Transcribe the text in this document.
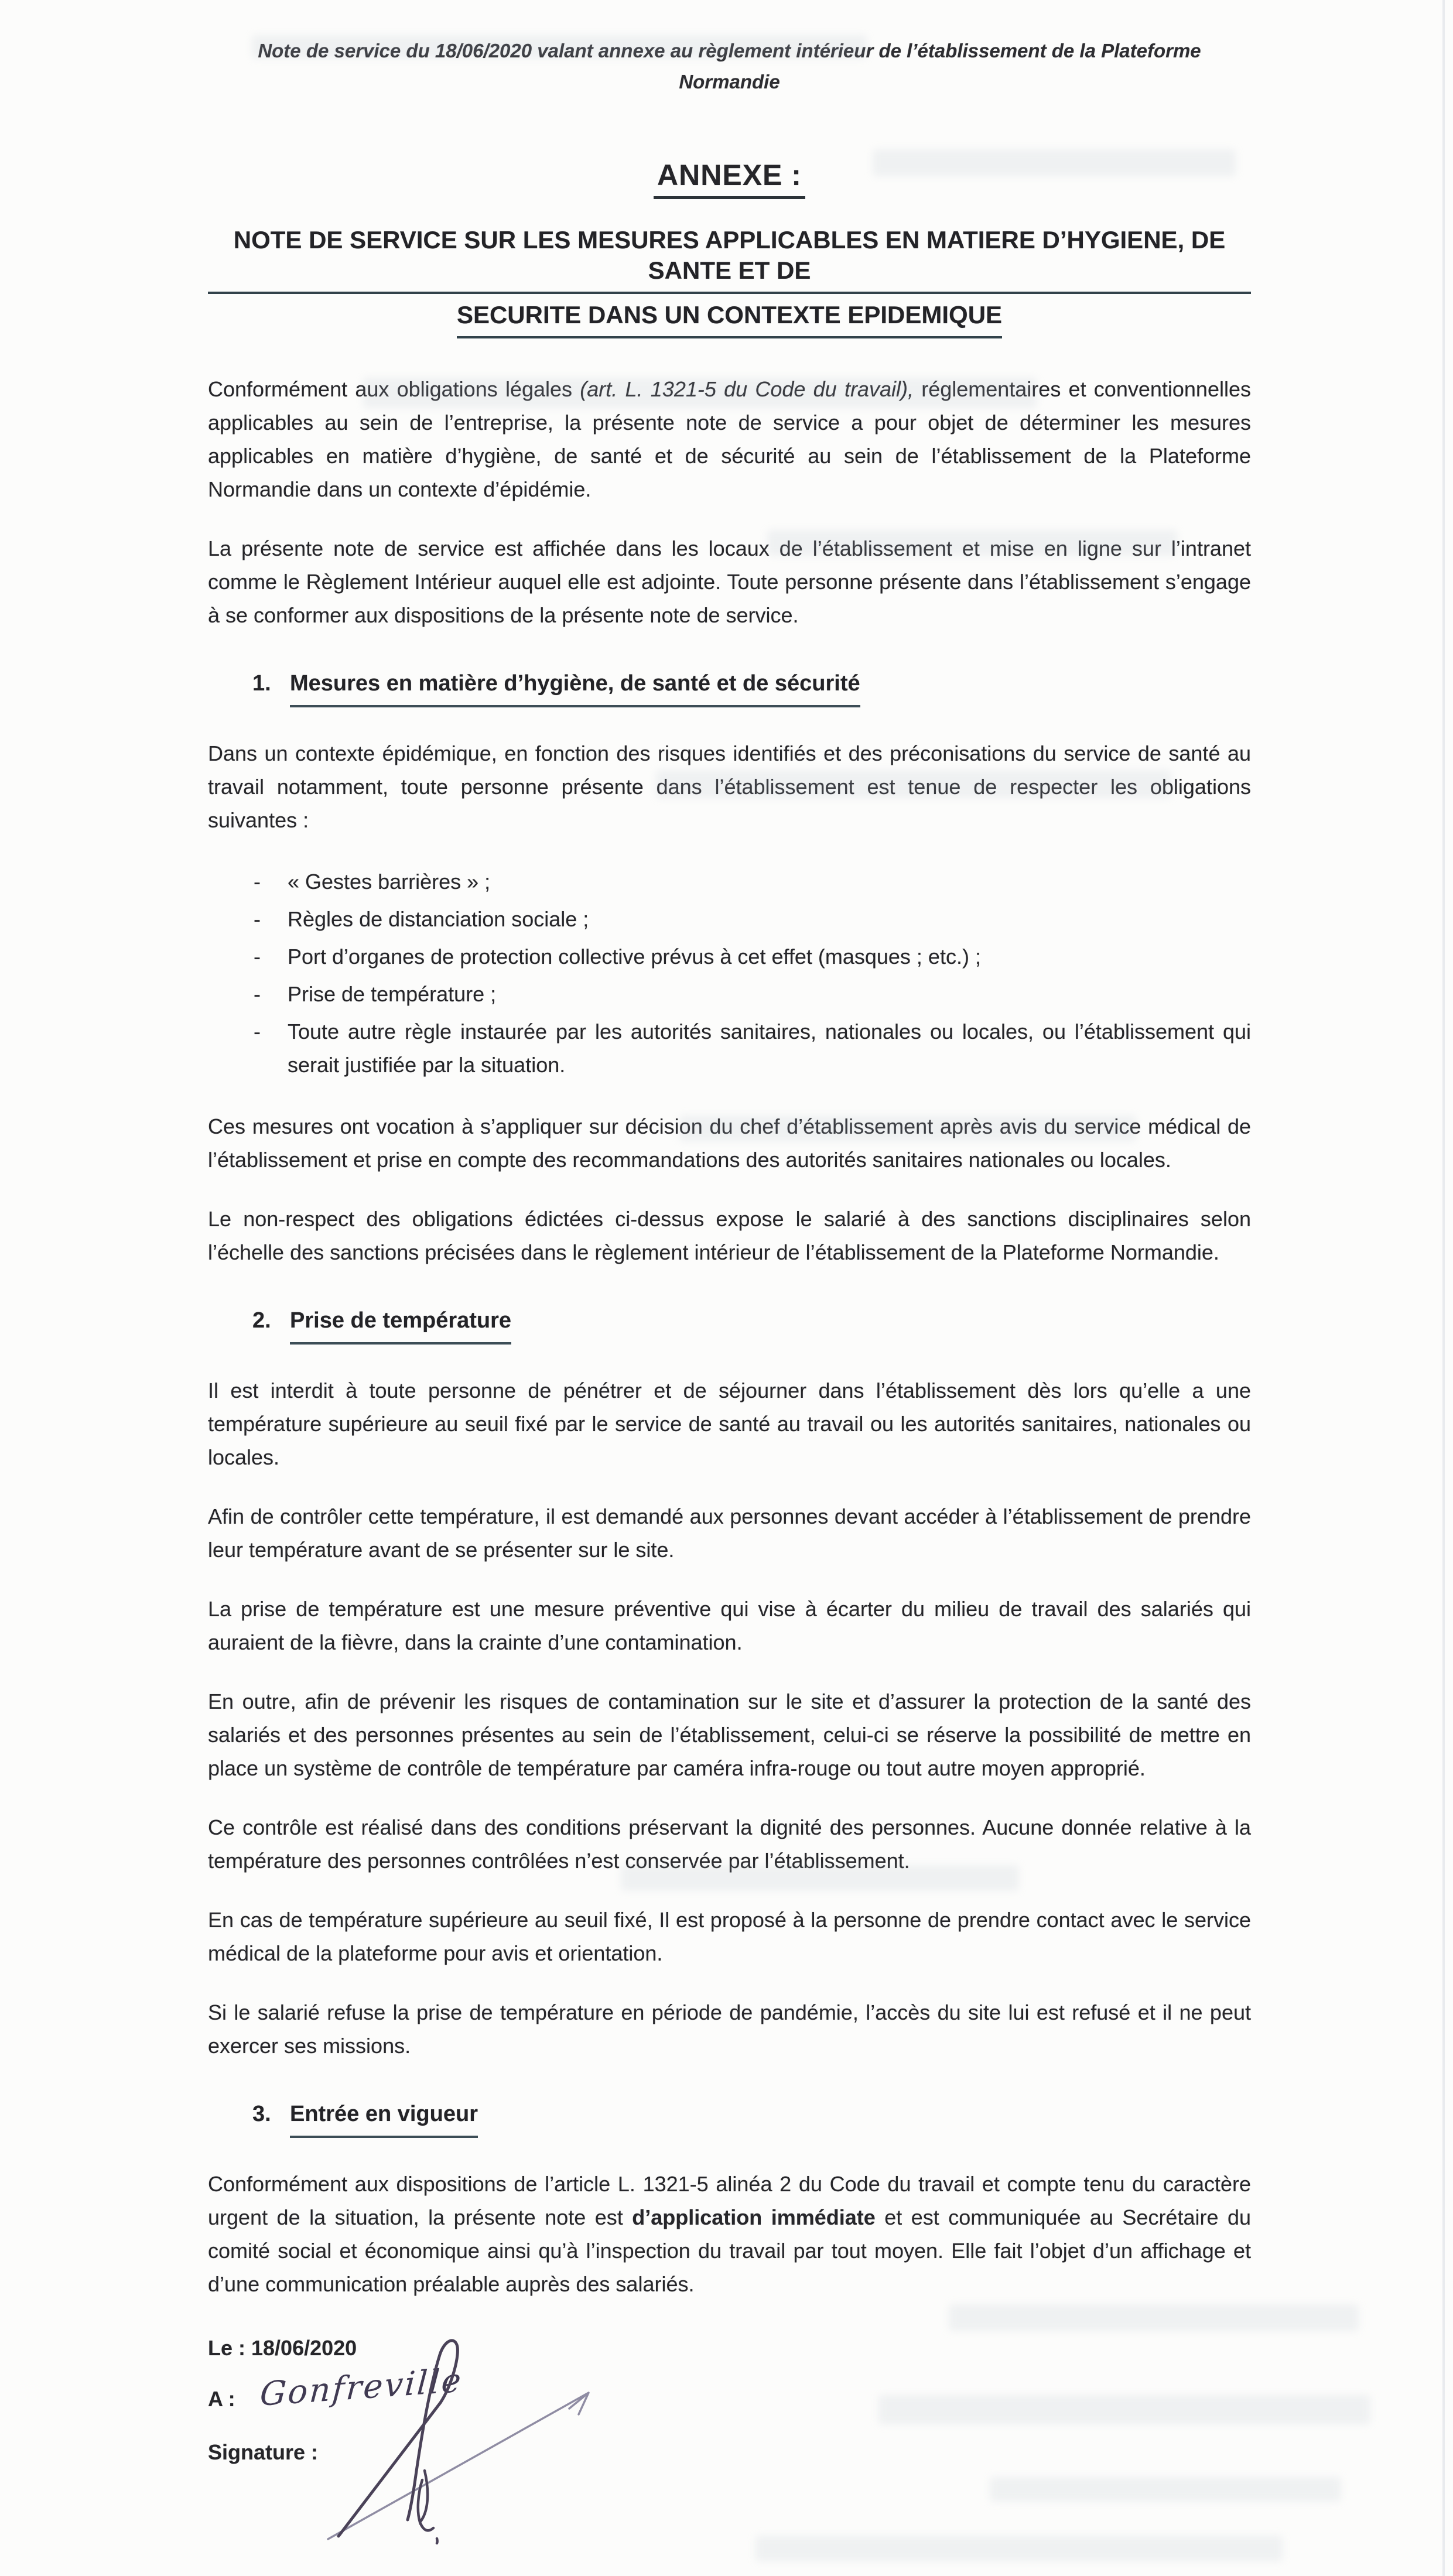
Note de service du 18/06/2020 valant annexe au règlement intérieur de l’établissement de la Plateforme
Normandie
ANNEXE :
NOTE DE SERVICE SUR LES MESURES APPLICABLES EN MATIERE D’HYGIENE, DE SANTE ET DE
SECURITE DANS UN CONTEXTE EPIDEMIQUE

Conformément aux obligations légales (art. L. 1321-5 du Code du travail), réglementaires et conventionnelles applicables au sein de l’entreprise, la présente note de service a pour objet de déterminer les mesures applicables en matière d’hygiène, de santé et de sécurité au sein de l’établissement de la Plateforme Normandie dans un contexte d’épidémie.

La présente note de service est affichée dans les locaux de l’établissement et mise en ligne sur l’intranet comme le Règlement Intérieur auquel elle est adjointe. Toute personne présente dans l’établissement s’engage à se conformer aux dispositions de la présente note de service.

1. Mesures en matière d’hygiène, de santé et de sécurité

Dans un contexte épidémique, en fonction des risques identifiés et des préconisations du service de santé au travail notamment, toute personne présente dans l’établissement est tenue de respecter les obligations suivantes :

-	« Gestes barrières » ;
-	Règles de distanciation sociale ;
-	Port d’organes de protection collective prévus à cet effet (masques ; etc.) ;
-	Prise de température ;
-	Toute autre règle instaurée par les autorités sanitaires, nationales ou locales, ou l’établissement qui serait justifiée par la situation.

Ces mesures ont vocation à s’appliquer sur décision du chef d’établissement après avis du service médical de l’établissement et prise en compte des recommandations des autorités sanitaires nationales ou locales.

Le non-respect des obligations édictées ci-dessus expose le salarié à des sanctions disciplinaires selon l’échelle des sanctions précisées dans le règlement intérieur de l’établissement de la Plateforme Normandie.

2. Prise de température

Il est interdit à toute personne de pénétrer et de séjourner dans l’établissement dès lors qu’elle a une température supérieure au seuil fixé par le service de santé au travail ou les autorités sanitaires, nationales ou locales.

Afin de contrôler cette température, il est demandé aux personnes devant accéder à l’établissement de prendre leur température avant de se présenter sur le site.

La prise de température est une mesure préventive qui vise à écarter du milieu de travail des salariés qui auraient de la fièvre, dans la crainte d’une contamination.

En outre, afin de prévenir les risques de contamination sur le site et d’assurer la protection de la santé des salariés et des personnes présentes au sein de l’établissement, celui-ci se réserve la possibilité de mettre en place un système de contrôle de température par caméra infra-rouge ou tout autre moyen approprié.

Ce contrôle est réalisé dans des conditions préservant la dignité des personnes. Aucune donnée relative à la température des personnes contrôlées n’est conservée par l’établissement.

En cas de température supérieure au seuil fixé, Il est proposé à la personne de prendre contact avec le service médical de la plateforme pour avis et orientation.

Si le salarié refuse la prise de température en période de pandémie, l’accès du site lui est refusé et il ne peut exercer ses missions.

3. Entrée en vigueur

Conformément aux dispositions de l’article L. 1321-5 alinéa 2 du Code du travail et compte tenu du caractère urgent de la situation, la présente note est d’application immédiate et est communiquée au Secrétaire du comité social et économique ainsi qu’à l’inspection du travail par tout moyen. Elle fait l’objet d’un affichage et d’une communication préalable auprès des salariés.

Le : 18/06/2020
A : Gonfreville
Signature :
